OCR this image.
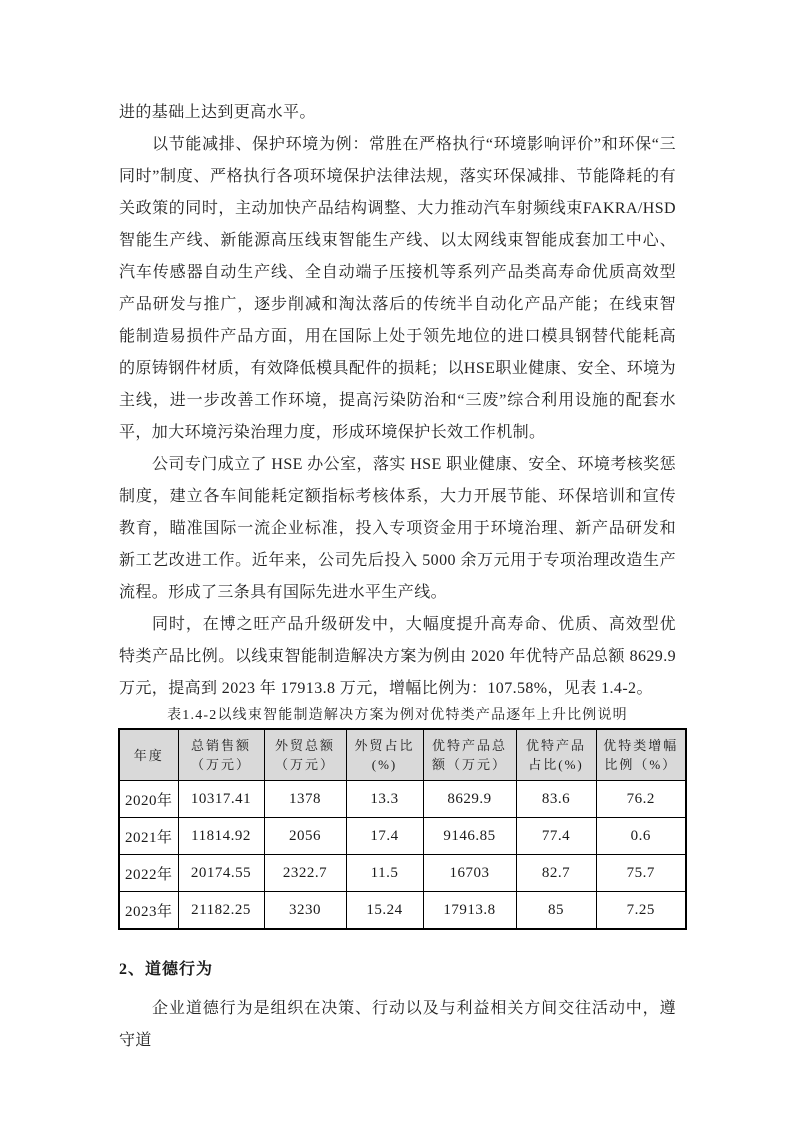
进的基础上达到更高水平。

以节能减排、保护环境为例：常胜在严格执行“环境影响评价”和环保“三同时”制度、严格执行各项环境保护法律法规，落实环保减排、节能降耗的有关政策的同时，主动加快产品结构调整、大力推动汽车射频线束FAKRA/HSD智能生产线、新能源高压线束智能生产线、以太网线束智能成套加工中心、汽车传感器自动生产线、全自动端子压接机等系列产品类高寿命优质高效型产品研发与推广，逐步削减和淘汰落后的传统半自动化产品产能；在线束智能制造易损件产品方面，用在国际上处于领先地位的进口模具钢替代能耗高的原铸钢件材质，有效降低模具配件的损耗；以HSE职业健康、安全、环境为主线，进一步改善工作环境，提高污染防治和“三废”综合利用设施的配套水平，加大环境污染治理力度，形成环境保护长效工作机制。

公司专门成立了 HSE 办公室，落实 HSE 职业健康、安全、环境考核奖惩制度，建立各车间能耗定额指标考核体系，大力开展节能、环保培训和宣传教育，瞄准国际一流企业标准，投入专项资金用于环境治理、新产品研发和新工艺改进工作。近年来，公司先后投入 5000 余万元用于专项治理改造生产流程。形成了三条具有国际先进水平生产线。

同时，在博之旺产品升级研发中，大幅度提升高寿命、优质、高效型优特类产品比例。以线束智能制造解决方案为例由 2020 年优特产品总额 8629.9 万元，提高到 2023 年 17913.8 万元，增幅比例为：107.58%，见表 1.4-2。

表1.4-2以线束智能制造解决方案为例对优特类产品逐年上升比例说明
年度	总销售额（万元）	外贸总额（万元）	外贸占比(%)	优特产品总额（万元）	优特产品占比(%)	优特类增幅比例（%）
2020年	10317.41	1378	13.3	8629.9	83.6	76.2
2021年	11814.92	2056	17.4	9146.85	77.4	0.6
2022年	20174.55	2322.7	11.5	16703	82.7	75.7
2023年	21182.25	3230	15.24	17913.8	85	7.25
2、道德行为

企业道德行为是组织在决策、行动以及与利益相关方间交往活动中，遵守道
